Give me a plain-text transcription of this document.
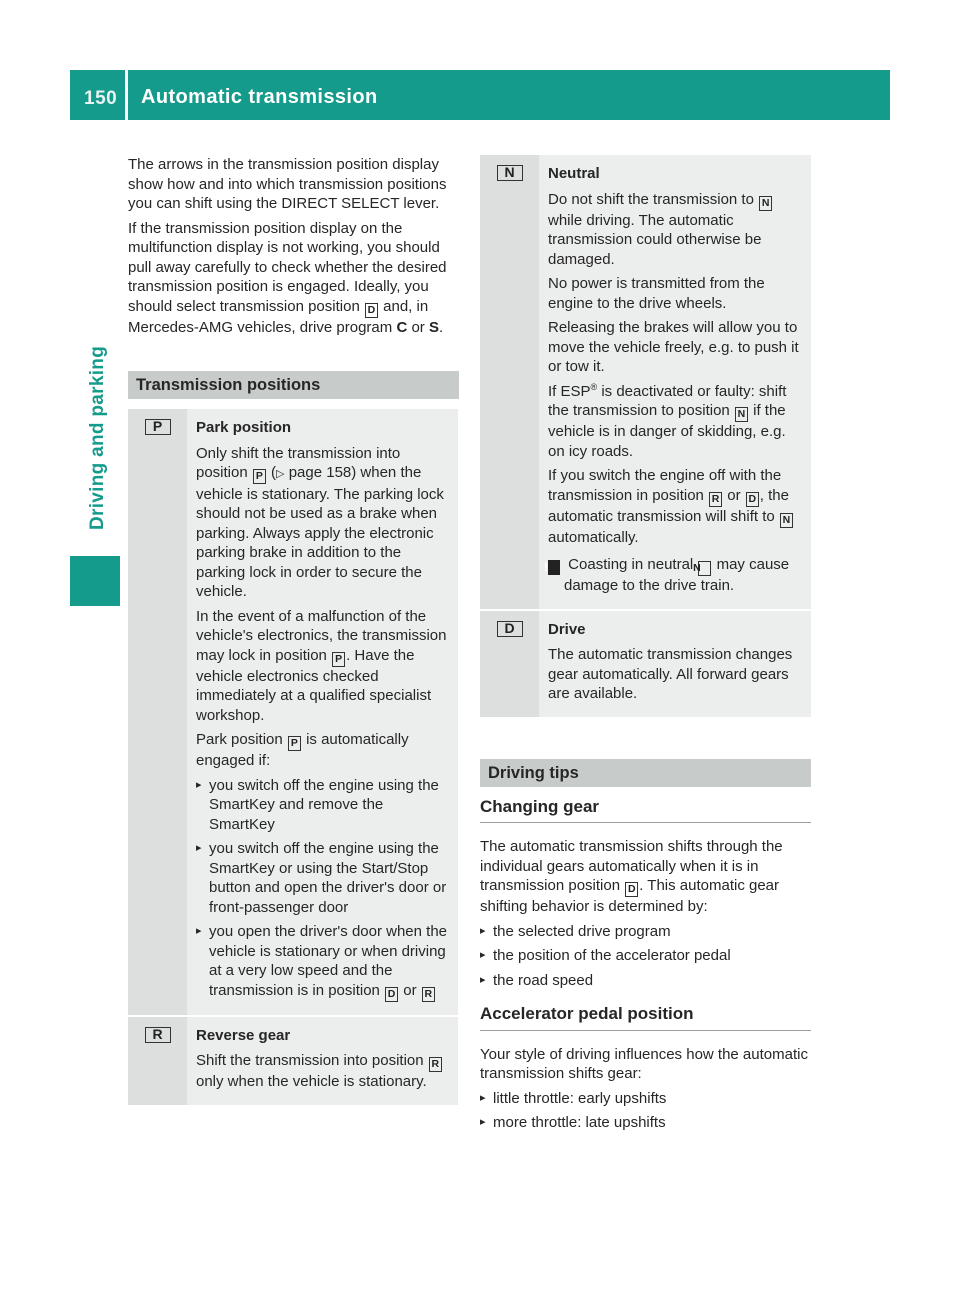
150 Automatic transmission
Driving and parking

The arrows in the transmission position display show how and into which transmission positions you can shift using the DIRECT SELECT lever.

If the transmission position display on the multifunction display is not working, you should pull away carefully to check whether the desired transmission position is engaged. Ideally, you should select transmission position D and, in Mercedes-AMG vehicles, drive program C or S.

Transmission positions
P	Park position

Only shift the transmission into position P (▷ page 158) when the vehicle is stationary. The parking lock should not be used as a brake when parking. Always apply the electronic parking brake in addition to the parking lock in order to secure the vehicle.

In the event of a malfunction of the vehicle's electronics, the transmission may lock in position P . Have the vehicle electronics checked immediately at a qualified specialist workshop.

Park position P is automatically engaged if:

▸ you switch off the engine using the SmartKey and remove the SmartKey
▸ you switch off the engine using the SmartKey or using the Start/Stop button and open the driver's door or front-passenger door
▸ you open the driver's door when the vehicle is stationary or when driving at a very low speed and the transmission is in position D or R
R	Reverse gear

Shift the transmission into position R only when the vehicle is stationary.

N	Neutral

Do not shift the transmission to N while driving. The automatic transmission could otherwise be damaged.

No power is transmitted from the engine to the drive wheels.

Releasing the brakes will allow you to move the vehicle freely, e.g. to push it or tow it.

If ESP® is deactivated or faulty: shift the transmission to position N if the vehicle is in danger of skidding, e.g. on icy roads.

If you switch the engine off with the transmission in position R or D , the automatic transmission will shift to N automatically.

! Coasting in neutral N may cause damage to the drive train.

D	Drive

The automatic transmission changes gear automatically. All forward gears are available.

Driving tips
Changing gear

The automatic transmission shifts through the individual gears automatically when it is in transmission position D . This automatic gear shifting behavior is determined by:

▸ the selected drive program
▸ the position of the accelerator pedal
▸ the road speed
Accelerator pedal position

Your style of driving influences how the automatic transmission shifts gear:

▸ little throttle: early upshifts
▸ more throttle: late upshifts
